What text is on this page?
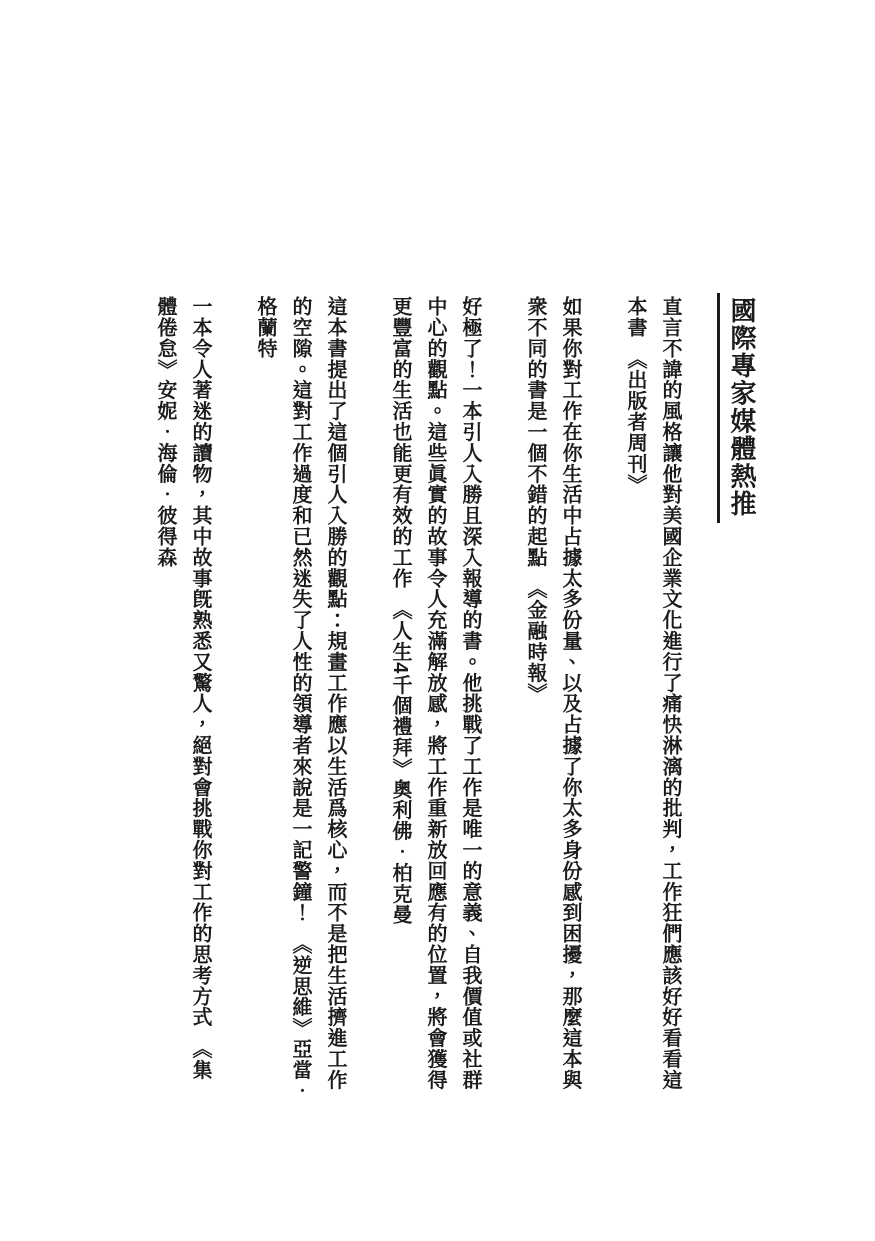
國際專家媒體熱推

直言不諱的風格讓他對美國企業文化進行了痛快淋漓的批判，工作狂們應該好好看看這

本書　《出版者周刊》

如果你對工作在你生活中占據太多份量、以及占據了你太多身份感到困擾，那麼這本與

衆不同的書是一個不錯的起點　《金融時報》

好極了！一本引人入勝且深入報導的書。他挑戰了工作是唯一的意義、自我價值或社群

中心的觀點。這些眞實的故事令人充滿解放感，將工作重新放回應有的位置，將會獲得

更豐富的生活也能更有效的工作　《人生4千個禮拜》奧利佛．柏克曼

這本書提出了這個引人入勝的觀點：規畫工作應以生活爲核心，而不是把生活擠進工作

的空隙。這對工作過度和已然迷失了人性的領導者來說是一記警鐘！　《逆思維》亞當．

格蘭特

一本令人著迷的讀物，其中故事旣熟悉又驚人，絕對會挑戰你對工作的思考方式　《集

體倦怠》安妮．海倫．彼得森
